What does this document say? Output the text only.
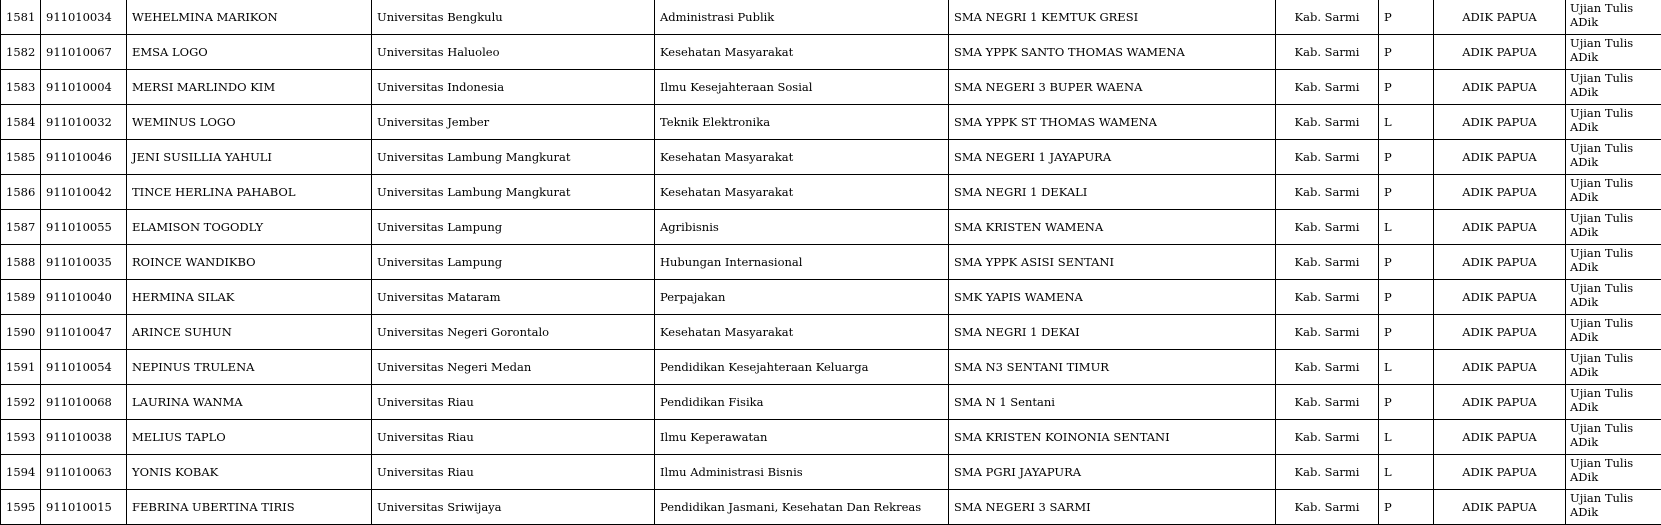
1581	911010034	WEHELMINA MARIKON	Universitas Bengkulu	Administrasi Publik	SMA NEGRI 1 KEMTUK GRESI	Kab. Sarmi	P	ADIK PAPUA	Ujian Tulis ADik
1582	911010067	EMSA LOGO	Universitas Haluoleo	Kesehatan Masyarakat	SMA YPPK SANTO THOMAS WAMENA	Kab. Sarmi	P	ADIK PAPUA	Ujian Tulis ADik
1583	911010004	MERSI MARLINDO KIM	Universitas Indonesia	Ilmu Kesejahteraan Sosial	SMA NEGERI 3 BUPER WAENA	Kab. Sarmi	P	ADIK PAPUA	Ujian Tulis ADik
1584	911010032	WEMINUS LOGO	Universitas Jember	Teknik Elektronika	SMA YPPK ST THOMAS WAMENA	Kab. Sarmi	L	ADIK PAPUA	Ujian Tulis ADik
1585	911010046	JENI SUSILLIA YAHULI	Universitas Lambung Mangkurat	Kesehatan Masyarakat	SMA NEGERI 1 JAYAPURA	Kab. Sarmi	P	ADIK PAPUA	Ujian Tulis ADik
1586	911010042	TINCE HERLINA PAHABOL	Universitas Lambung Mangkurat	Kesehatan Masyarakat	SMA NEGRI 1 DEKALI	Kab. Sarmi	P	ADIK PAPUA	Ujian Tulis ADik
1587	911010055	ELAMISON TOGODLY	Universitas Lampung	Agribisnis	SMA KRISTEN WAMENA	Kab. Sarmi	L	ADIK PAPUA	Ujian Tulis ADik
1588	911010035	ROINCE WANDIKBO	Universitas Lampung	Hubungan Internasional	SMA YPPK ASISI SENTANI	Kab. Sarmi	P	ADIK PAPUA	Ujian Tulis ADik
1589	911010040	HERMINA SILAK	Universitas Mataram	Perpajakan	SMK YAPIS WAMENA	Kab. Sarmi	P	ADIK PAPUA	Ujian Tulis ADik
1590	911010047	ARINCE SUHUN	Universitas Negeri Gorontalo	Kesehatan Masyarakat	SMA NEGRI 1 DEKAI	Kab. Sarmi	P	ADIK PAPUA	Ujian Tulis ADik
1591	911010054	NEPINUS TRULENA	Universitas Negeri Medan	Pendidikan Kesejahteraan Keluarga	SMA N3 SENTANI TIMUR	Kab. Sarmi	L	ADIK PAPUA	Ujian Tulis ADik
1592	911010068	LAURINA WANMA	Universitas Riau	Pendidikan Fisika	SMA N 1 Sentani	Kab. Sarmi	P	ADIK PAPUA	Ujian Tulis ADik
1593	911010038	MELIUS TAPLO	Universitas Riau	Ilmu Keperawatan	SMA KRISTEN KOINONIA SENTANI	Kab. Sarmi	L	ADIK PAPUA	Ujian Tulis ADik
1594	911010063	YONIS KOBAK	Universitas Riau	Ilmu Administrasi Bisnis	SMA PGRI JAYAPURA	Kab. Sarmi	L	ADIK PAPUA	Ujian Tulis ADik
1595	911010015	FEBRINA UBERTINA TIRIS	Universitas Sriwijaya	Pendidikan Jasmani, Kesehatan Dan Rekreas	SMA NEGERI 3 SARMI	Kab. Sarmi	P	ADIK PAPUA	Ujian Tulis ADik
